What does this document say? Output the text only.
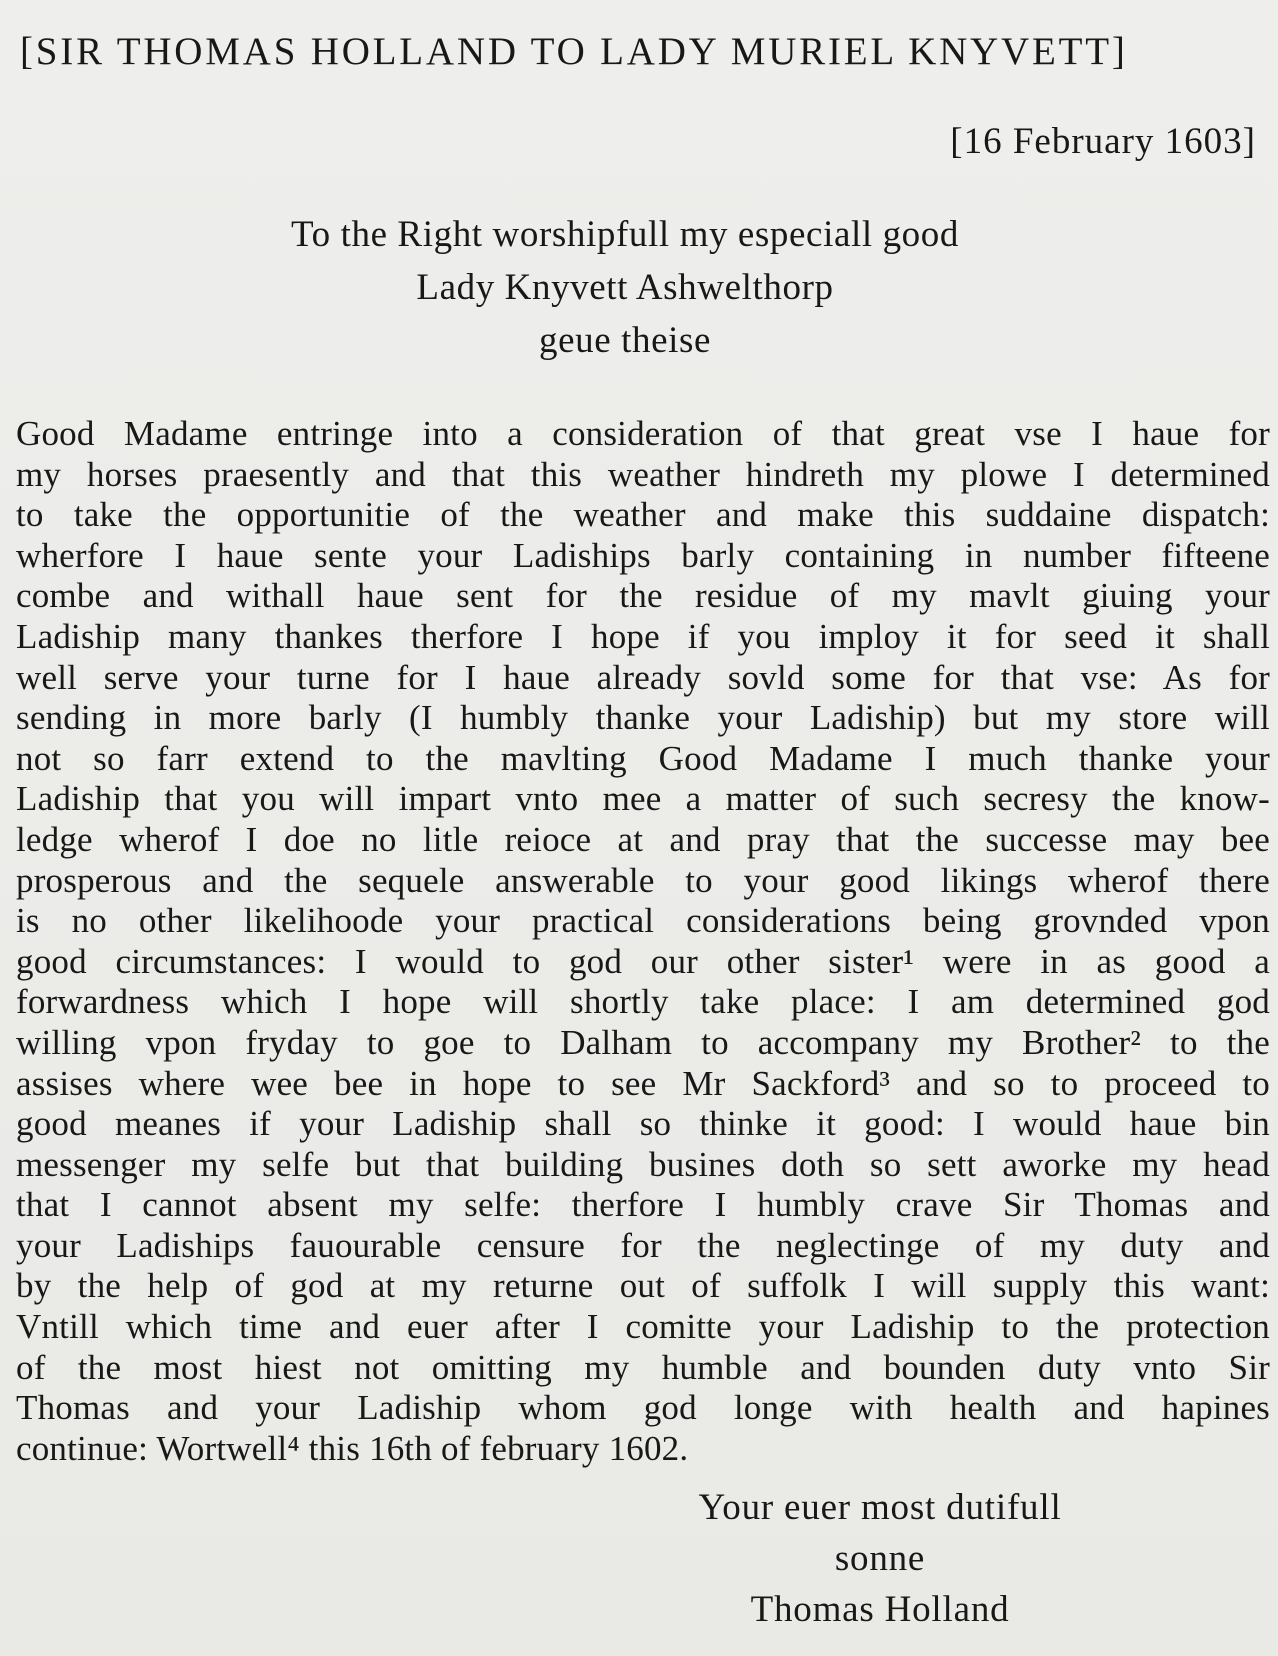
[SIR THOMAS HOLLAND TO LADY MURIEL KNYVETT]

[16 February 1603]

To the Right worshipfull my especiall good
Lady Knyvett Ashwelthorp
geue theise
Good Madame entringe into a consideration of that great vse I haue for
my horses praesently and that this weather hindreth my plowe I determined
to take the opportunitie of the weather and make this suddaine dispatch:
wherfore I haue sente your Ladiships barly containing in number fifteene
combe and withall haue sent for the residue of my mavlt giuing your
Ladiship many thankes therfore I hope if you imploy it for seed it shall
well serve your turne for I haue already sovld some for that vse: As for
sending in more barly (I humbly thanke your Ladiship) but my store will
not so farr extend to the mavlting Good Madame I much thanke your
Ladiship that you will impart vnto mee a matter of such secresy the know-
ledge wherof I doe no litle reioce at and pray that the successe may bee
prosperous and the sequele answerable to your good likings wherof there
is no other likelihoode your practical considerations being grovnded vpon
good circumstances: I would to god our other sister¹ were in as good a
forwardness which I hope will shortly take place: I am determined god
willing vpon fryday to goe to Dalham to accompany my Brother² to the
assises where wee bee in hope to see Mr Sackford³ and so to proceed to
good meanes if your Ladiship shall so thinke it good: I would haue bin
messenger my selfe but that building busines doth so sett aworke my head
that I cannot absent my selfe: therfore I humbly crave Sir Thomas and
your Ladiships fauourable censure for the neglectinge of my duty and
by the help of god at my returne out of suffolk I will supply this want:
Vntill which time and euer after I comitte your Ladiship to the protection
of the most hiest not omitting my humble and bounden duty vnto Sir
Thomas and your Ladiship whom god longe with health and hapines
continue: Wortwell⁴ this 16th of february 1602.
Your euer most dutifull
sonne
Thomas Holland
